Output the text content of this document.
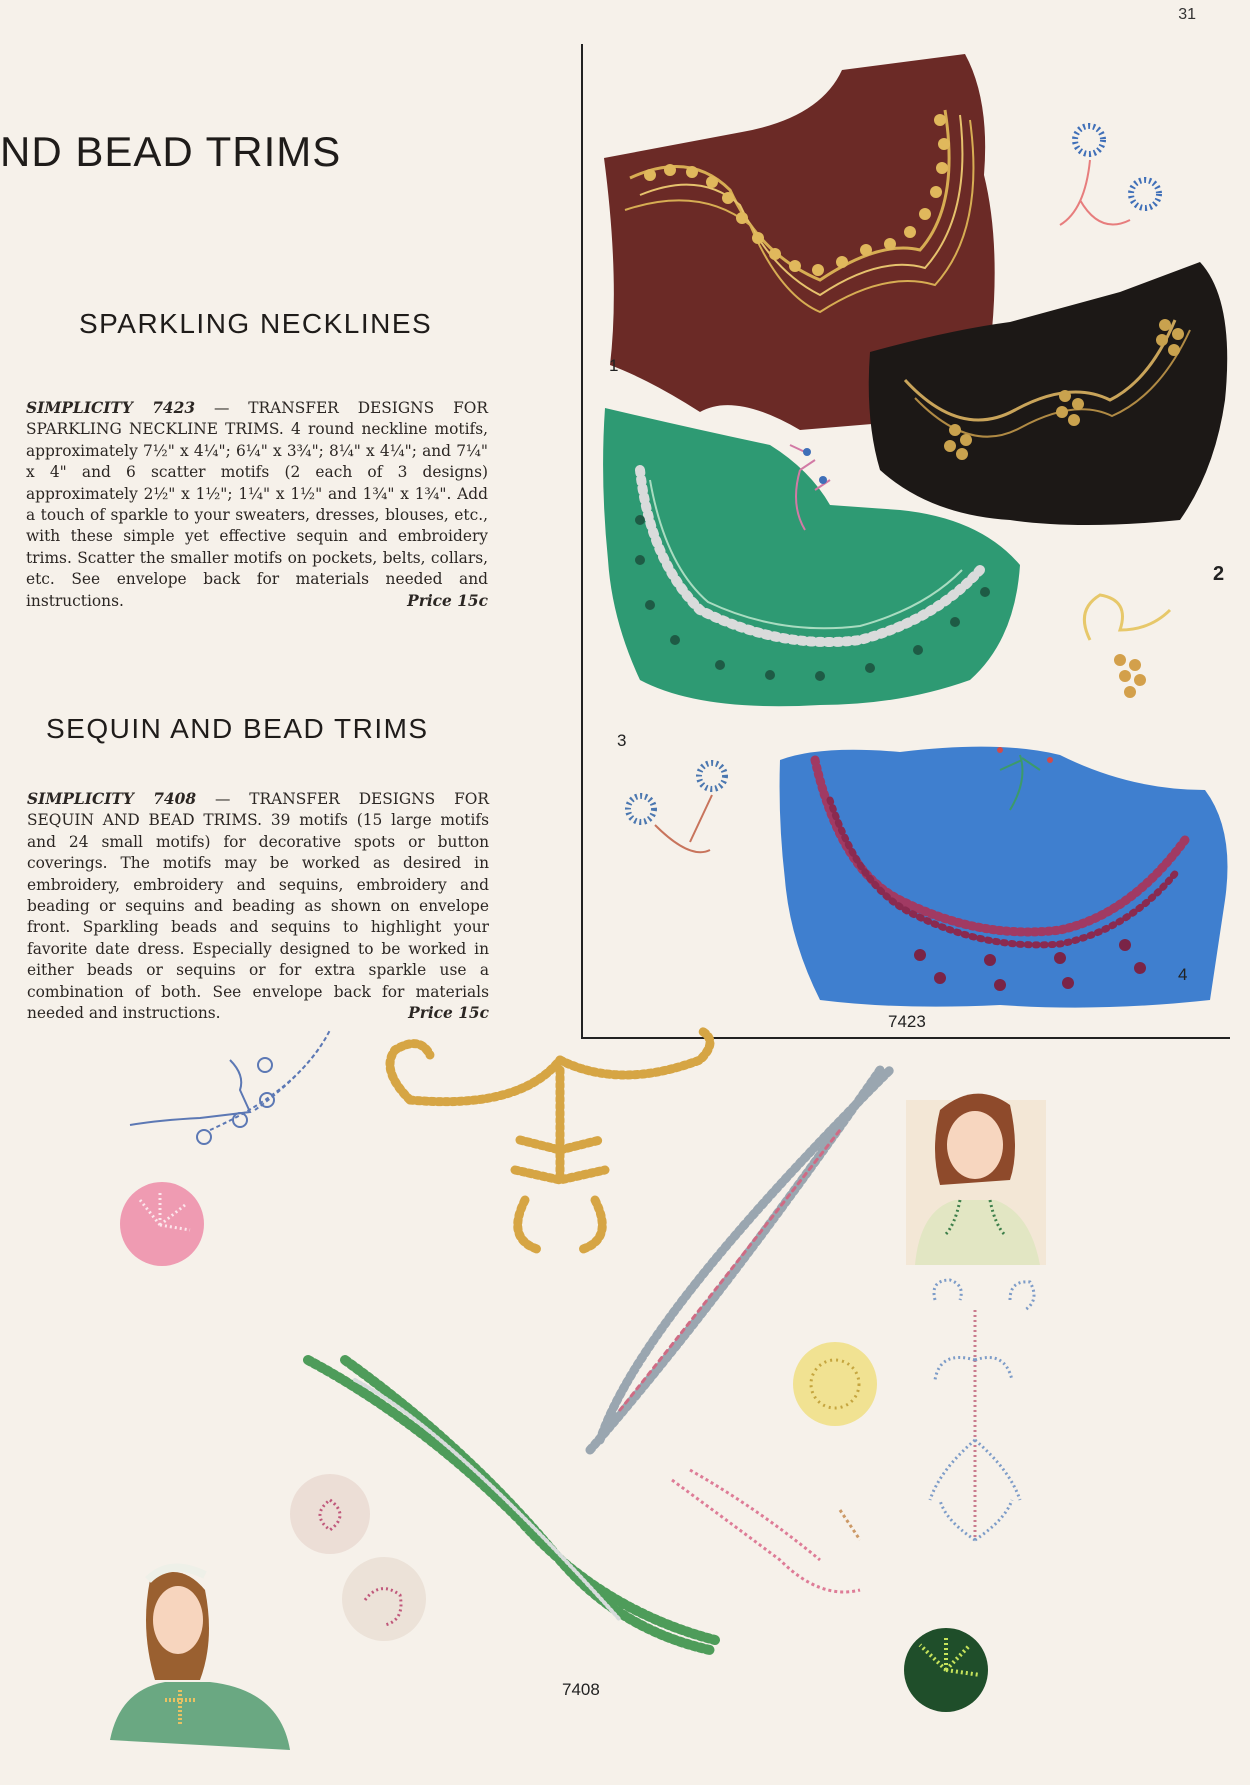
31
ND BEAD TRIMS
SPARKLING NECKLINES
SIMPLICITY 7423 — TRANSFER DESIGNS FOR SPARKLING NECKLINE TRIMS. 4 round neckline motifs, approximately 7½" x 4¼"; 6¼" x 3¾"; 8¼" x 4¼"; and 7¼" x 4" and 6 scatter motifs (2 each of 3 designs) approximately 2½" x 1½"; 1¼" x 1½" and 1¾" x 1¾". Add a touch of sparkle to your sweaters, dresses, blouses, etc., with these simple yet effective sequin and embroidery trims. Scatter the smaller motifs on pockets, belts, collars, etc. See envelope back for materials needed and instructions.	Price 15c
SEQUIN AND BEAD TRIMS
SIMPLICITY 7408 — TRANSFER DESIGNS FOR SEQUIN AND BEAD TRIMS. 39 motifs (15 large motifs and 24 small motifs) for decorative spots or button coverings. The motifs may be worked as desired in embroidery, embroidery and sequins, embroidery and beading or sequins and beading as shown on envelope front. Sparkling beads and sequins to highlight your favorite date dress. Especially designed to be worked in either beads or sequins or for extra sparkle use a combination of both. See envelope back for materials needed and instructions.	Price 15c
1
2
3
4
7423
7408
